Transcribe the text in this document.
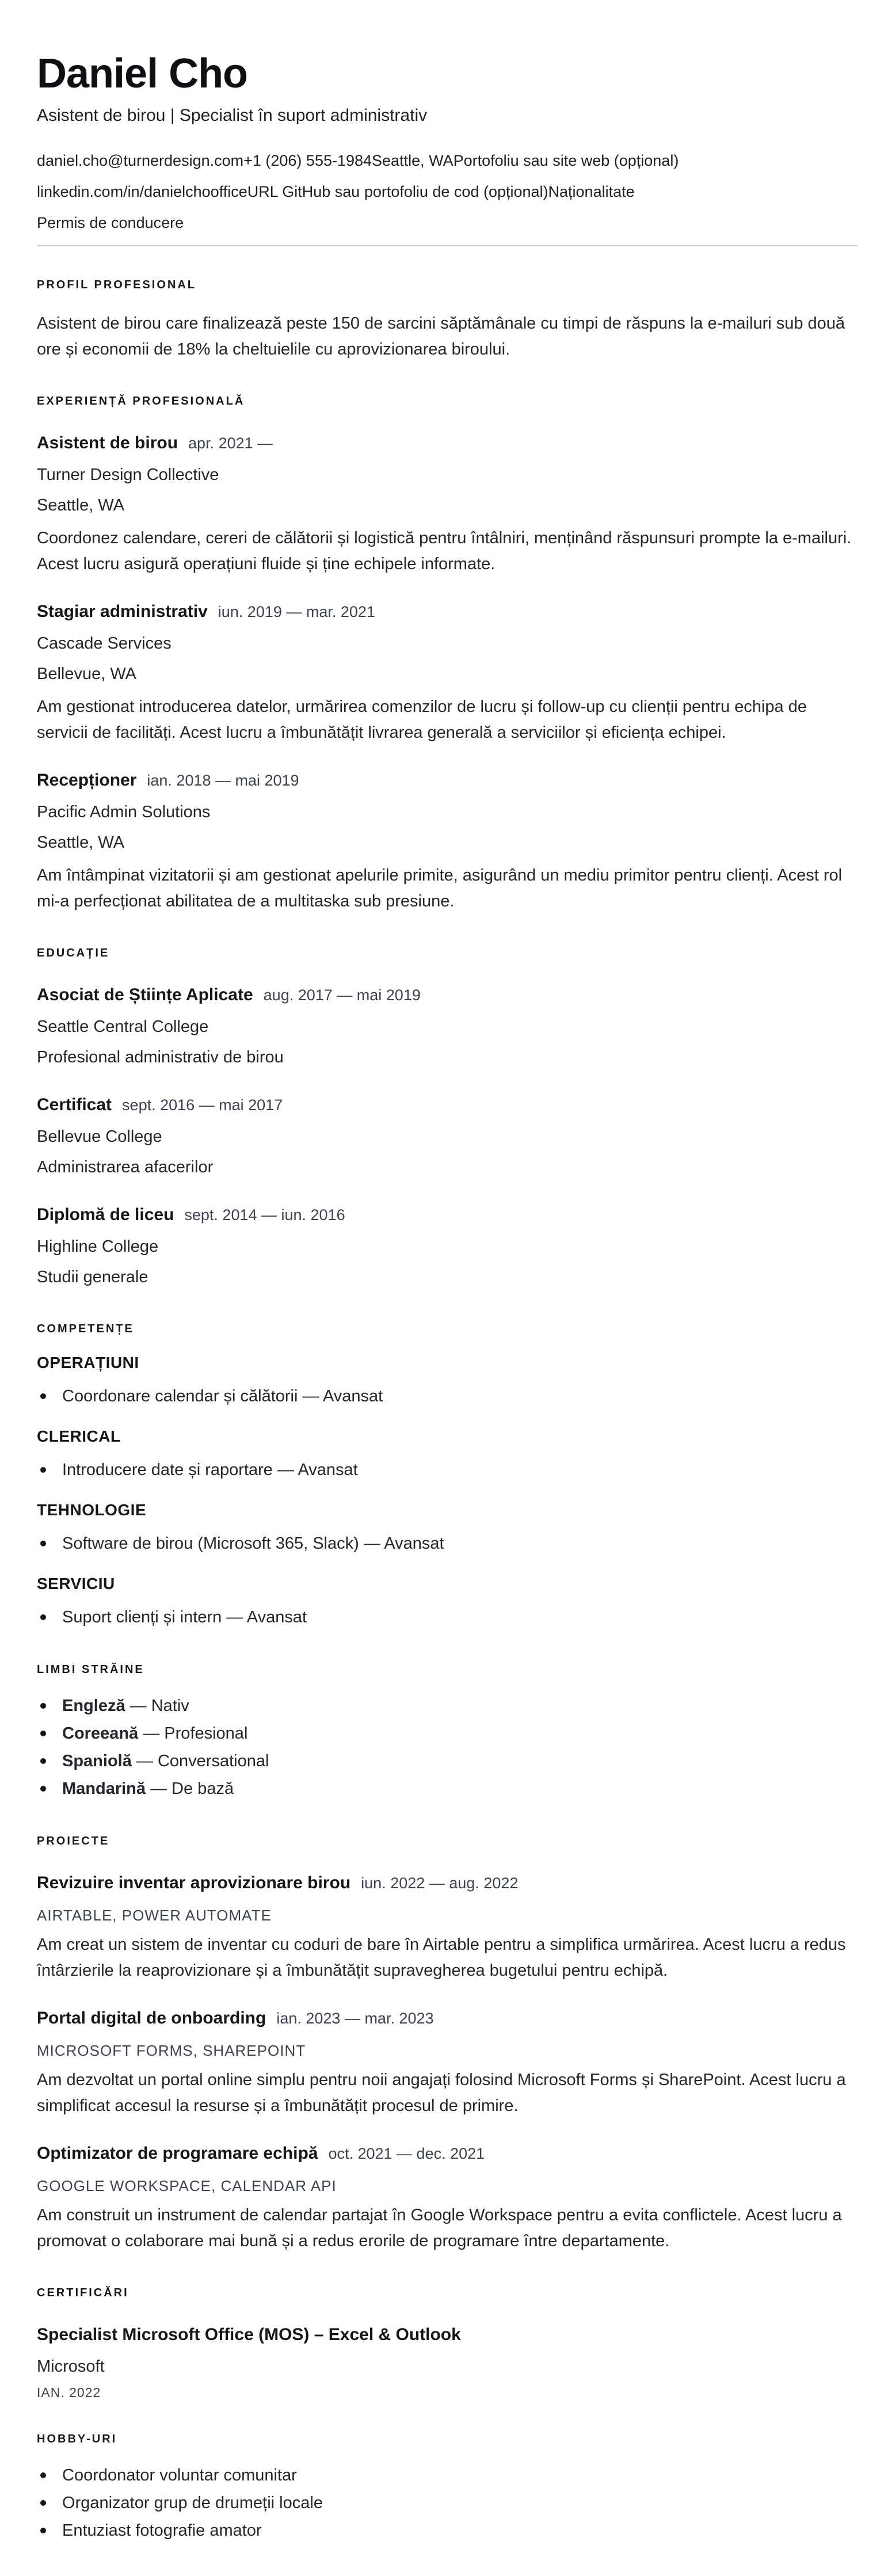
Daniel Cho
Asistent de birou | Specialist în suport administrativ
daniel.cho@turnerdesign.com+1 (206) 555-1984Seattle, WAPortofoliu sau site web (opțional)
linkedin.com/in/danielchoofficeURL GitHub sau portofoliu de cod (opțional)Naționalitate
Permis de conducere
PROFIL PROFESIONAL
Asistent de birou care finalizează peste 150 de sarcini săptămânale cu timpi de răspuns la e-mailuri sub două ore și economii de 18% la cheltuielile cu aprovizionarea biroului.
EXPERIENȚĂ PROFESIONALĂ
Asistent de birou apr. 2021 —
Turner Design Collective
Seattle, WA
Coordonez calendare, cereri de călătorii și logistică pentru întâlniri, menținând răspunsuri prompte la e-mailuri. Acest lucru asigură operațiuni fluide și ține echipele informate.
Stagiar administrativ iun. 2019 — mar. 2021
Cascade Services
Bellevue, WA
Am gestionat introducerea datelor, urmărirea comenzilor de lucru și follow-up cu clienții pentru echipa de servicii de facilități. Acest lucru a îmbunătățit livrarea generală a serviciilor și eficiența echipei.
Recepționer ian. 2018 — mai 2019
Pacific Admin Solutions
Seattle, WA
Am întâmpinat vizitatorii și am gestionat apelurile primite, asigurând un mediu primitor pentru clienți. Acest rol mi-a perfecționat abilitatea de a multitaska sub presiune.
EDUCAȚIE
Asociat de Științe Aplicate aug. 2017 — mai 2019
Seattle Central College
Profesional administrativ de birou
Certificat sept. 2016 — mai 2017
Bellevue College
Administrarea afacerilor
Diplomă de liceu sept. 2014 — iun. 2016
Highline College
Studii generale
COMPETENȚE
OPERAȚIUNI
Coordonare calendar și călătorii — Avansat
CLERICAL
Introducere date și raportare — Avansat
TEHNOLOGIE
Software de birou (Microsoft 365, Slack) — Avansat
SERVICIU
Suport clienți și intern — Avansat
LIMBI STRĂINE
Engleză — Nativ
Coreeană — Profesional
Spaniolă — Conversational
Mandarină — De bază
PROIECTE
Revizuire inventar aprovizionare birou iun. 2022 — aug. 2022
AIRTABLE, POWER AUTOMATE
Am creat un sistem de inventar cu coduri de bare în Airtable pentru a simplifica urmărirea. Acest lucru a redus întârzierile la reaprovizionare și a îmbunătățit supravegherea bugetului pentru echipă.
Portal digital de onboarding ian. 2023 — mar. 2023
MICROSOFT FORMS, SHAREPOINT
Am dezvoltat un portal online simplu pentru noii angajați folosind Microsoft Forms și SharePoint. Acest lucru a simplificat accesul la resurse și a îmbunătățit procesul de primire.
Optimizator de programare echipă oct. 2021 — dec. 2021
GOOGLE WORKSPACE, CALENDAR API
Am construit un instrument de calendar partajat în Google Workspace pentru a evita conflictele. Acest lucru a promovat o colaborare mai bună și a redus erorile de programare între departamente.
CERTIFICĂRI
Specialist Microsoft Office (MOS) – Excel & Outlook
Microsoft
IAN. 2022
HOBBY-URI
Coordonator voluntar comunitar
Organizator grup de drumeții locale
Entuziast fotografie amator
